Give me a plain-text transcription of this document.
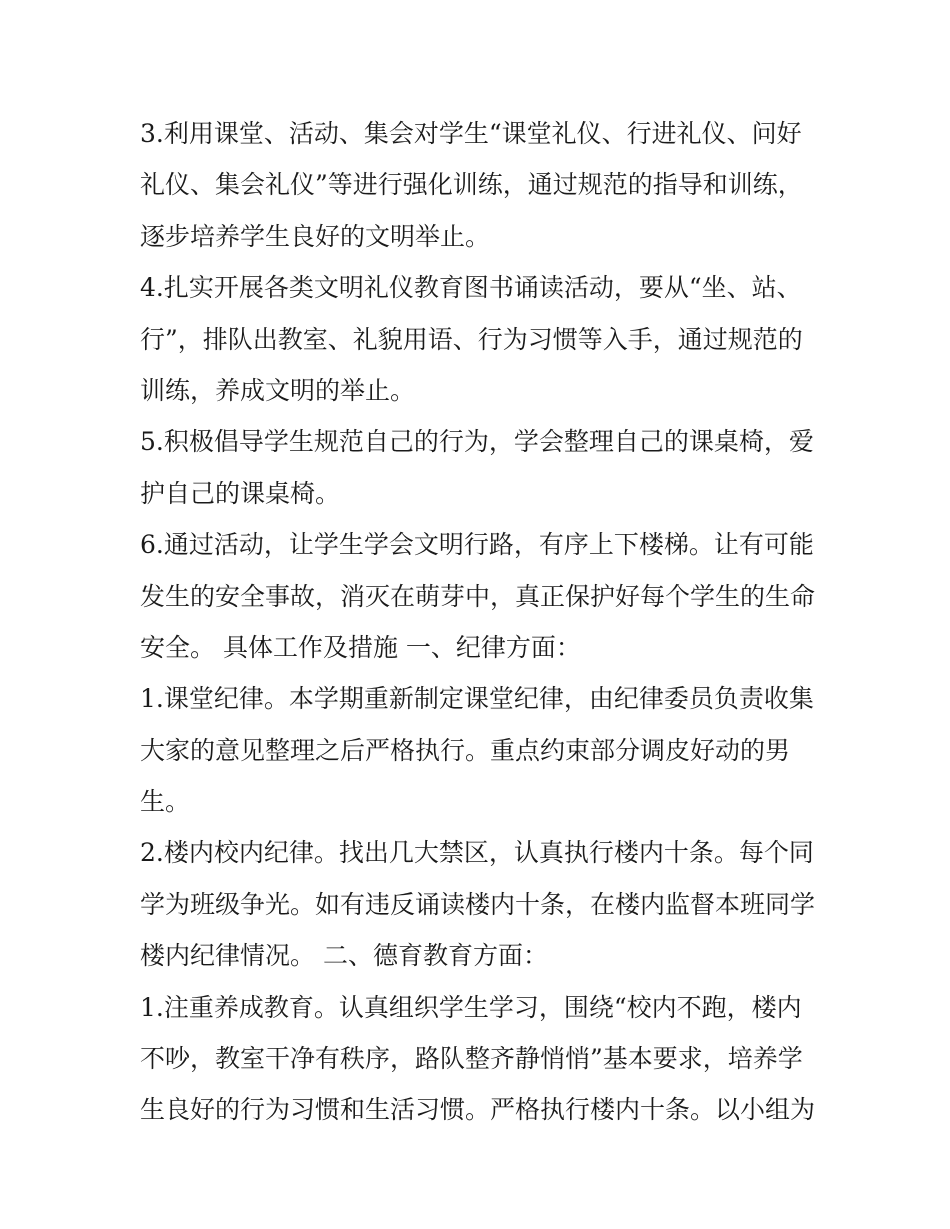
3.利用课堂、活动、集会对学生“课堂礼仪、行进礼仪、问好
礼仪、集会礼仪”等进行强化训练，通过规范的指导和训练，
逐步培养学生良好的文明举止。
4.扎实开展各类文明礼仪教育图书诵读活动，要从“坐、站、
行”，排队出教室、礼貌用语、行为习惯等入手，通过规范的
训练，养成文明的举止。
5.积极倡导学生规范自己的行为，学会整理自己的课桌椅，爱
护自己的课桌椅。
6.通过活动，让学生学会文明行路，有序上下楼梯。让有可能
发生的安全事故，消灭在萌芽中，真正保护好每个学生的生命
安全。 具体工作及措施 一、纪律方面：
1.课堂纪律。本学期重新制定课堂纪律，由纪律委员负责收集
大家的意见整理之后严格执行。重点约束部分调皮好动的男
生。
2.楼内校内纪律。找出几大禁区，认真执行楼内十条。每个同
学为班级争光。如有违反诵读楼内十条，在楼内监督本班同学
楼内纪律情况。 二、德育教育方面：
1.注重养成教育。认真组织学生学习，围绕“校内不跑，楼内
不吵，教室干净有秩序，路队整齐静悄悄”基本要求，培养学
生良好的行为习惯和生活习惯。严格执行楼内十条。以小组为
